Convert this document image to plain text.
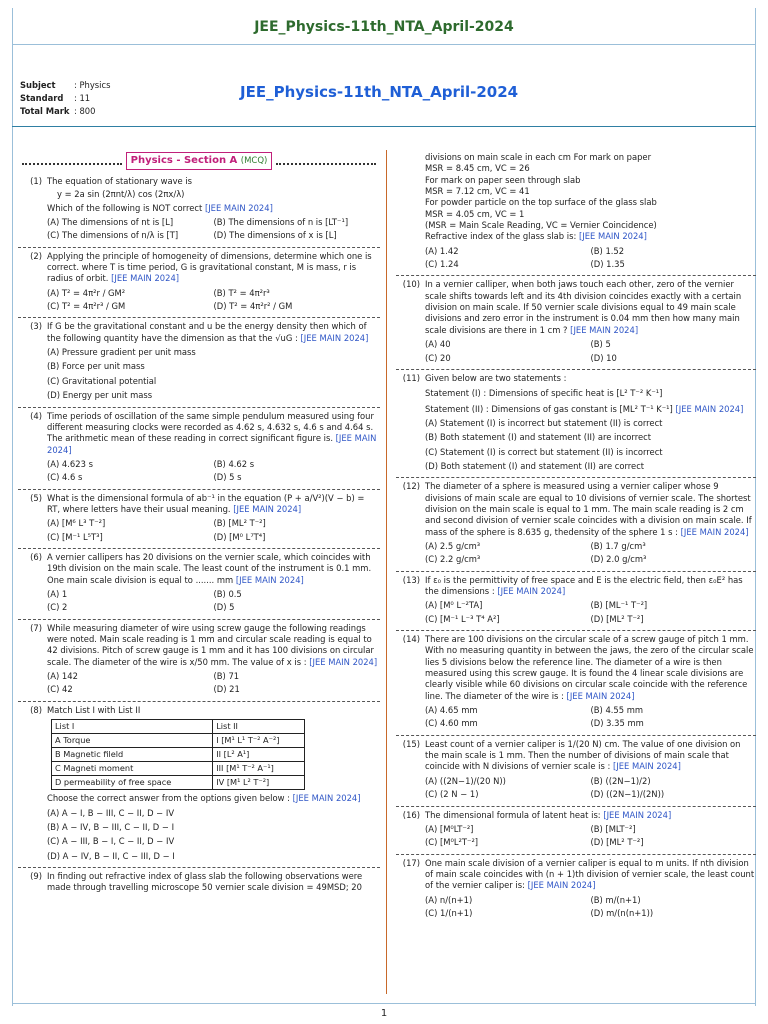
JEE_Physics-11th_NTA_April-2024
Subject	: Physics
Standard	: 11
Total Mark : 800
JEE_Physics-11th_NTA_April-2024
Physics - Section A (MCQ)
(1) The equation of stationary wave is
y = 2a sin (2πnt/λ) cos (2πx/λ)
Which of the following is NOT correct [JEE MAIN 2024]
(A) The dimensions of nt is [L]	(B) The dimensions of n is [LT⁻¹]
(C) The dimensions of n/λ is [T]	(D) The dimensions of x is [L]
(2) Applying the principle of homogeneity of dimensions, determine which one is correct. where T is time period, G is gravitational constant, M is mass, r is radius of orbit. [JEE MAIN 2024]
(A) T² = 4π²r / GM²	(B) T² = 4π²r³
(C) T² = 4π²r³ / GM	(D) T² = 4π²r² / GM
(3) If G be the gravitational constant and u be the energy density then which of the following quantity have the dimension as that the √uG : [JEE MAIN 2024]
(A) Pressure gradient per unit mass
(B) Force per unit mass
(C) Gravitational potential
(D) Energy per unit mass
(4) Time periods of oscillation of the same simple pendulum measured using four different measuring clocks were recorded as 4.62 s, 4.632 s, 4.6 s and 4.64 s. The arithmetic mean of these reading in correct significant figure is. [JEE MAIN 2024]
(A) 4.623 s	(B) 4.62 s
(C) 4.6 s	(D) 5 s
(5) What is the dimensional formula of ab⁻¹ in the equation (P + a/V²)(V − b) = RT, where letters have their usual meaning. [JEE MAIN 2024]
(A) [M⁶ L³ T⁻²]	(B) [ML² T⁻²]
(C) [M⁻¹ L⁵T³]	(D) [M⁰ L⁷T⁴]
(6) A vernier callipers has 20 divisions on the vernier scale, which coincides with 19th division on the main scale. The least count of the instrument is 0.1 mm. One main scale division is equal to ....... mm [JEE MAIN 2024]
(A) 1	(B) 0.5
(C) 2	(D) 5
(7) While measuring diameter of wire using screw gauge the following readings were noted. Main scale reading is 1 mm and circular scale reading is equal to 42 divisions. Pitch of screw gauge is 1 mm and it has 100 divisions on circular scale. The diameter of the wire is x/50 mm. The value of x is : [JEE MAIN 2024]
(A) 142	(B) 71
(C) 42	(D) 21
(8) Match List I with List II
List I	List II
A Torque	I [M¹ L¹ T⁻² A⁻²]
B Magnetic fileld	II [L² A¹]
C Magneti moment	III [M¹ T⁻² A⁻¹]
D permeability of free space	IV [M¹ L² T⁻²]
Choose the correct answer from the options given below : [JEE MAIN 2024]
(A) A − I, B − III, C − II, D − IV
(B) A − IV, B − III, C − II, D − I
(C) A − III, B − I, C − II, D − IV
(D) A − IV, B − II, C − III, D − I
(9) In finding out refractive index of glass slab the following observations were made through travelling microscope 50 vernier scale division = 49MSD; 20
divisions on main scale in each cm For mark on paper
MSR = 8.45 cm, VC = 26
For mark on paper seen through slab
MSR = 7.12 cm, VC = 41
For powder particle on the top surface of the glass slab
MSR = 4.05 cm, VC = 1
(MSR = Main Scale Reading, VC = Vernier Coincidence)
Refractive index of the glass slab is: [JEE MAIN 2024]
(A) 1.42	(B) 1.52
(C) 1.24	(D) 1.35
(10) In a vernier calliper, when both jaws touch each other, zero of the vernier scale shifts towards left and its 4th division coincides exactly with a certain division on main scale. If 50 vernier scale divisions equal to 49 main scale divisions and zero error in the instrument is 0.04 mm then how many main scale divisions are there in 1 cm ? [JEE MAIN 2024]
(A) 40	(B) 5
(C) 20	(D) 10
(11) Given below are two statements :
Statement (I) : Dimensions of specific heat is [L² T⁻² K⁻¹]
Statement (II) : Dimensions of gas constant is [ML² T⁻¹ K⁻¹] [JEE MAIN 2024]
(A) Statement (I) is incorrect but statement (II) is correct
(B) Both statement (I) and statement (II) are incorrect
(C) Statement (I) is correct but statement (II) is incorrect
(D) Both statement (I) and statement (II) are correct
(12) The diameter of a sphere is measured using a vernier caliper whose 9 divisions of main scale are equal to 10 divisions of vernier scale. The shortest division on the main scale is equal to 1 mm. The main scale reading is 2 cm and second division of vernier scale coincides with a division on main scale. If mass of the sphere is 8.635 g, thedensity of the sphere 1 s : [JEE MAIN 2024]
(A) 2.5 g/cm³	(B) 1.7 g/cm³
(C) 2.2 g/cm³	(D) 2.0 g/cm³
(13) If ε₀ is the permittivity of free space and E is the electric field, then ε₀E² has the dimensions : [JEE MAIN 2024]
(A) [M⁰ L⁻²TA]	(B) [ML⁻¹ T⁻²]
(C) [M⁻¹ L⁻³ T⁴ A²]	(D) [ML² T⁻²]
(14) There are 100 divisions on the circular scale of a screw gauge of pitch 1 mm. With no measuring quantity in between the jaws, the zero of the circular scale lies 5 divisions below the reference line. The diameter of a wire is then measured using this screw gauge. It is found the 4 linear scale divisions are clearly visible while 60 divisions on circular scale coincide with the reference line. The diameter of the wire is : [JEE MAIN 2024]
(A) 4.65 mm	(B) 4.55 mm
(C) 4.60 mm	(D) 3.35 mm
(15) Least count of a vernier caliper is 1/(20 N) cm. The value of one division on the main scale is 1 mm. Then the number of divisions of main scale that coincide with N divisions of vernier scale is : [JEE MAIN 2024]
(A) ((2N−1)/(20 N))	(B) ((2N−1)/2)
(C) (2 N − 1)	(D) ((2N−1)/(2N))
(16) The dimensional formula of latent heat is: [JEE MAIN 2024]
(A) [M⁰LT⁻²]	(B) [MLT⁻²]
(C) [M⁰L²T⁻²]	(D) [ML² T⁻²]
(17) One main scale division of a vernier caliper is equal to m units. If nth division of main scale coincides with (n + 1)th division of vernier scale, the least count of the vernier caliper is: [JEE MAIN 2024]
(A) n/(n+1)	(B) m/(n+1)
(C) 1/(n+1)	(D) m/(n(n+1))
1
